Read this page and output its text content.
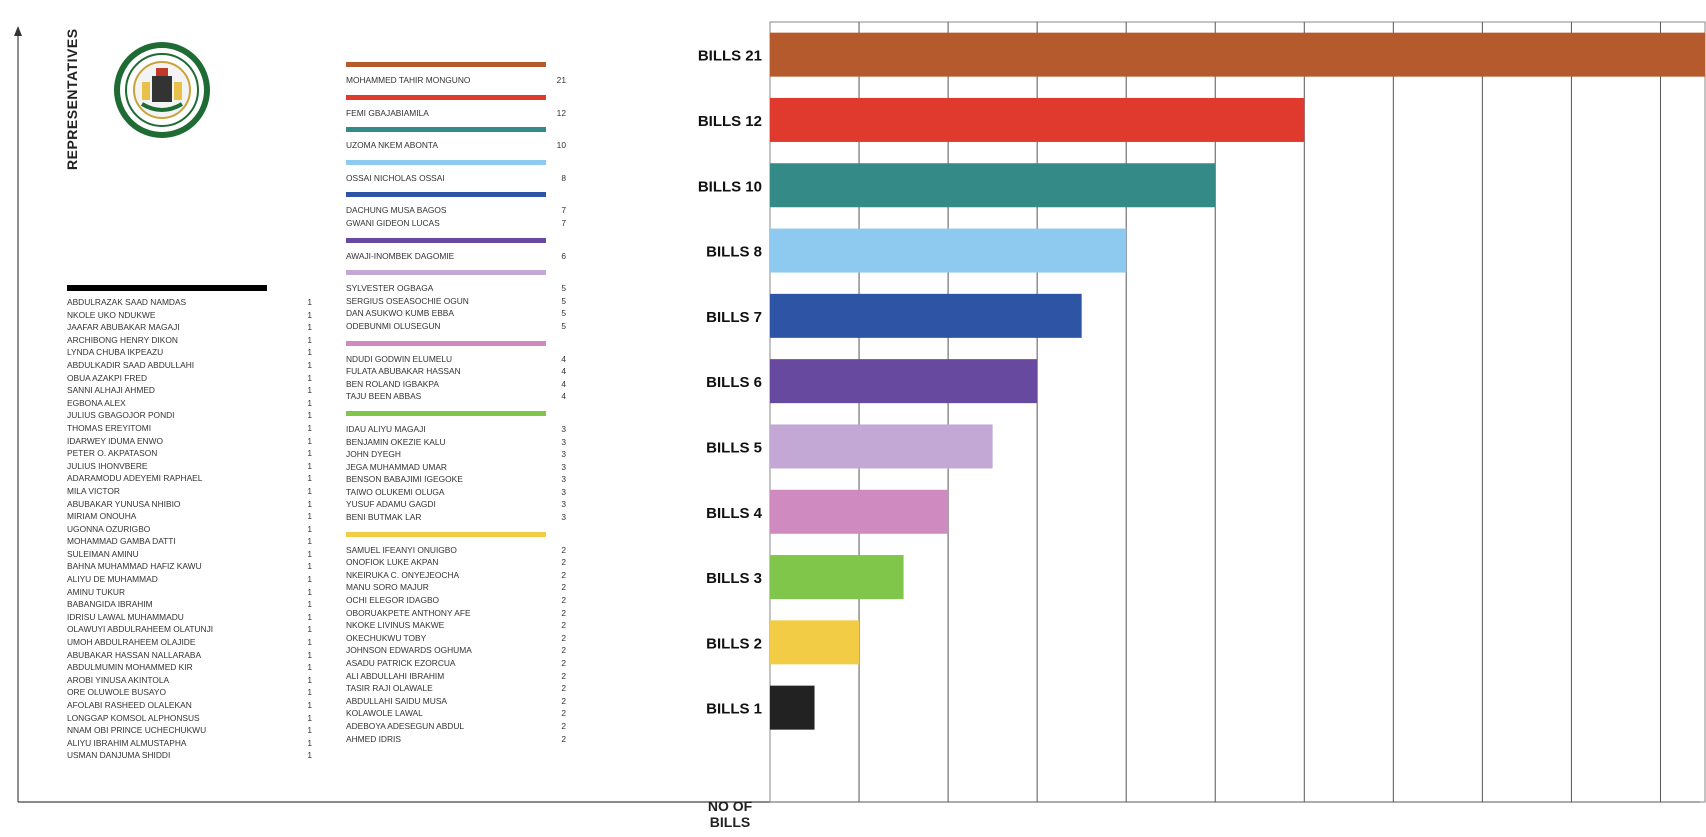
BILLS 21
BILLS 12
BILLS 10
BILLS 8
BILLS 7
BILLS 6
BILLS 5
BILLS 4
BILLS 3
BILLS 2
BILLS 1
REPRESENTATIVES
ABDULRAZAK SAAD NAMDAS	1
NKOLE UKO NDUKWE	1
JAAFAR ABUBAKAR MAGAJI	1
ARCHIBONG HENRY DIKON	1
LYNDA CHUBA IKPEAZU	1
ABDULKADIR SAAD ABDULLAHI	1
OBUA AZAKPI FRED	1
SANNI ALHAJI AHMED	1
EGBONA ALEX	1
JULIUS GBAGOJOR PONDI	1
THOMAS EREYITOMI	1
IDARWEY IDUMA ENWO	1
PETER O. AKPATASON	1
JULIUS IHONVBERE	1
ADARAMODU ADEYEMI RAPHAEL	1
MILA VICTOR	1
ABUBAKAR YUNUSA NHIBIO	1
MIRIAM ONOUHA	1
UGONNA OZURIGBO	1
MOHAMMAD GAMBA DATTI	1
SULEIMAN AMINU	1
BAHNA MUHAMMAD HAFIZ KAWU	1
ALIYU DE MUHAMMAD	1
AMINU TUKUR	1
BABANGIDA IBRAHIM	1
IDRISU LAWAL MUHAMMADU	1
OLAWUYI ABDULRAHEEM OLATUNJI	1
UMOH ABDULRAHEEM OLAJIDE	1
ABUBAKAR HASSAN NALLARABA	1
ABDULMUMIN MOHAMMED KIR	1
AROBI YINUSA AKINTOLA	1
ORE OLUWOLE BUSAYO	1
AFOLABI RASHEED OLALEKAN	1
LONGGAP KOMSOL ALPHONSUS	1
NNAM OBI PRINCE UCHECHUKWU	1
ALIYU IBRAHIM ALMUSTAPHA	1
USMAN DANJUMA SHIDDI	1
MOHAMMED TAHIR MONGUNO	21
FEMI GBAJABIAMILA	12
UZOMA NKEM ABONTA	10
OSSAI NICHOLAS OSSAI	8
DACHUNG MUSA BAGOS	7
GWANI GIDEON LUCAS	7
AWAJI-INOMBEK DAGOMIE	6
SYLVESTER OGBAGA	5
SERGIUS OSEASOCHIE OGUN	5
DAN ASUKWO KUMB EBBA	5
ODEBUNMI OLUSEGUN	5
NDUDI GODWIN ELUMELU	4
FULATA ABUBAKAR HASSAN	4
BEN ROLAND IGBAKPA	4
TAJU BEEN ABBAS	4
IDAU ALIYU MAGAJI	3
BENJAMIN OKEZIE KALU	3
JOHN DYEGH	3
JEGA MUHAMMAD UMAR	3
BENSON BABAJIMI IGEGOKE	3
TAIWO OLUKEMI OLUGA	3
YUSUF ADAMU GAGDI	3
BENI BUTMAK LAR	3
SAMUEL IFEANYI ONUIGBO	2
ONOFIOK LUKE AKPAN	2
NKEIRUKA C. ONYEJEOCHA	2
MANU SORO MAJUR	2
OCHI ELEGOR IDAGBO	2
OBORUAKPETE ANTHONY AFE	2
NKOKE LIVINUS MAKWE	2
OKECHUKWU TOBY	2
JOHNSON EDWARDS OGHUMA	2
ASADU PATRICK EZORCUA	2
ALI ABDULLAHI IBRAHIM	2
TASIR RAJI OLAWALE	2
ABDULLAHI SAIDU MUSA	2
KOLAWOLE LAWAL	2
ADEBOYA ADESEGUN ABDUL	2
AHMED IDRIS	2
NO OF BILLS
